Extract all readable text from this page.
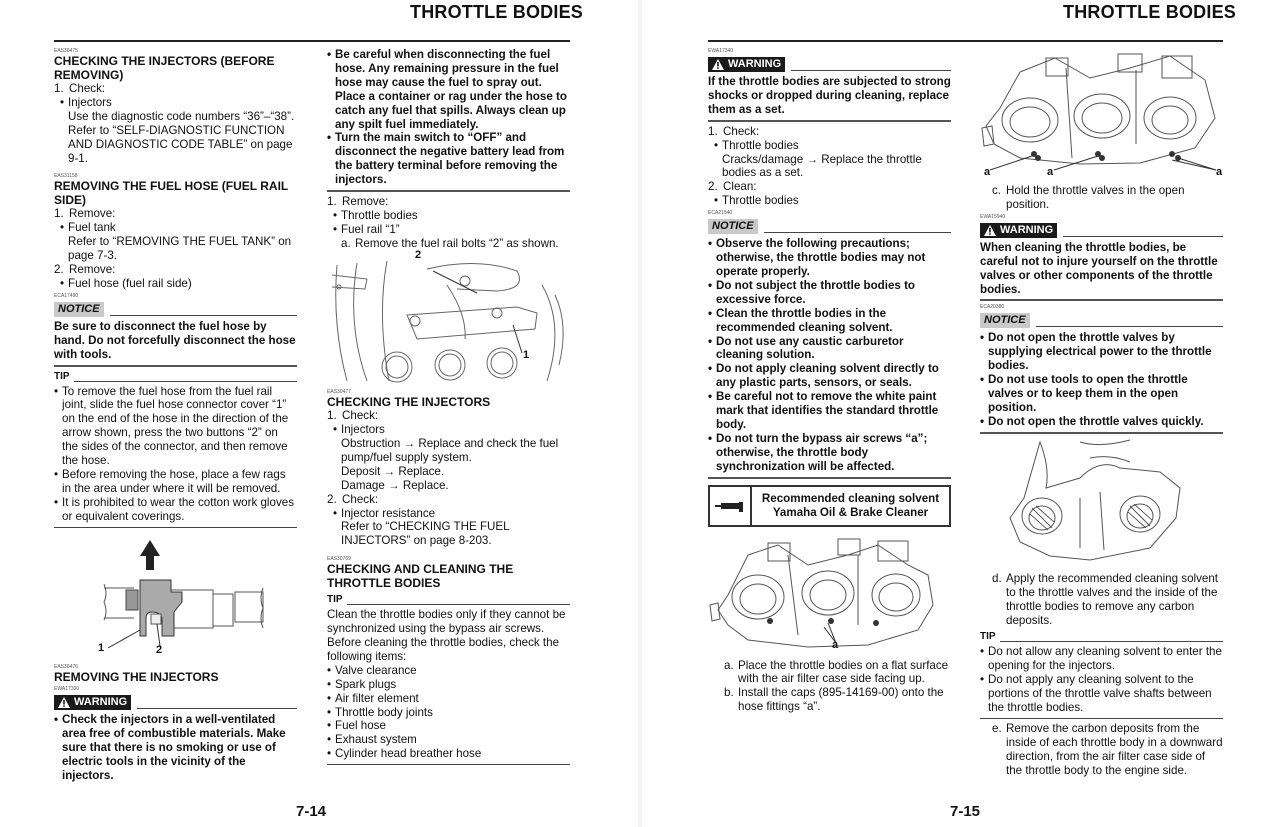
THROTTLE BODIES
EAS30475
CHECKING THE INJECTORS (BEFORE REMOVING)
1. Check:
• Injectors
Use the diagnostic code numbers “36”–“38”. Refer to “SELF-DIAGNOSTIC FUNCTION AND DIAGNOSTIC CODE TABLE” on page 9-1.
EAS31158
REMOVING THE FUEL HOSE (FUEL RAIL SIDE)
1. Remove:
• Fuel tank
Refer to “REMOVING THE FUEL TANK” on page 7-3.
2. Remove:
• Fuel hose (fuel rail side)
ECA17490
NOTICE
Be sure to disconnect the fuel hose by hand. Do not forcefully disconnect the hose with tools.
TIP
• To remove the fuel hose from the fuel rail joint, slide the fuel hose connector cover “1” on the end of the hose in the direction of the arrow shown, press the two buttons “2” on the sides of the connector, and then remove the hose.
• Before removing the hose, place a few rags in the area under where it will be removed.
• It is prohibited to wear the cotton work gloves or equivalent coverings.
1	2
EAS30476
REMOVING THE INJECTORS
EWA17330
WARNING
• Check the injectors in a well-ventilated area free of combustible materials. Make sure that there is no smoking or use of electric tools in the vicinity of the injectors.
• Be careful when disconnecting the fuel hose. Any remaining pressure in the fuel hose may cause the fuel to spray out. Place a container or rag under the hose to catch any fuel that spills. Always clean up any spilt fuel immediately.
• Turn the main switch to “OFF” and disconnect the negative battery lead from the battery terminal before removing the injectors.
1. Remove:
• Throttle bodies
• Fuel rail “1”
a. Remove the fuel rail bolts “2” as shown.
2
1
EAS30477
CHECKING THE INJECTORS
1. Check:
• Injectors
Obstruction → Replace and check the fuel pump/fuel supply system.
Deposit → Replace.
Damage → Replace.
2. Check:
• Injector resistance
Refer to “CHECKING THE FUEL INJECTORS” on page 8-203.
EAS30769
CHECKING AND CLEANING THE THROTTLE BODIES
TIP
Clean the throttle bodies only if they cannot be synchronized using the bypass air screws. Before cleaning the throttle bodies, check the following items:
• Valve clearance
• Spark plugs
• Air filter element
• Throttle body joints
• Fuel hose
• Exhaust system
• Cylinder head breather hose
7-14
THROTTLE BODIES
EWA17340
WARNING
If the throttle bodies are subjected to strong shocks or dropped during cleaning, replace them as a set.
1. Check:
• Throttle bodies
Cracks/damage → Replace the throttle bodies as a set.
2. Clean:
• Throttle bodies
ECA21540
NOTICE
• Observe the following precautions; otherwise, the throttle bodies may not operate properly.
• Do not subject the throttle bodies to excessive force.
• Clean the throttle bodies in the recommended cleaning solvent.
• Do not use any caustic carburetor cleaning solution.
• Do not apply cleaning solvent directly to any plastic parts, sensors, or seals.
• Be careful not to remove the white paint mark that identifies the standard throttle body.
• Do not turn the bypass air screws “a”; otherwise, the throttle body synchronization will be affected.
Recommended cleaning solvent
Yamaha Oil & Brake Cleaner
a
a. Place the throttle bodies on a flat surface with the air filter case side facing up.
b. Install the caps (895-14169-00) onto the hose fittings “a”.
a	a	a
c. Hold the throttle valves in the open position.
EWA15940
WARNING
When cleaning the throttle bodies, be careful not to injure yourself on the throttle valves or other components of the throttle bodies.
ECA20380
NOTICE
• Do not open the throttle valves by supplying electrical power to the throttle bodies.
• Do not use tools to open the throttle valves or to keep them in the open position.
• Do not open the throttle valves quickly.
d. Apply the recommended cleaning solvent to the throttle valves and the inside of the throttle bodies to remove any carbon deposits.
TIP
• Do not allow any cleaning solvent to enter the opening for the injectors.
• Do not apply any cleaning solvent to the portions of the throttle valve shafts between the throttle bodies.
e. Remove the carbon deposits from the inside of each throttle body in a downward direction, from the air filter case side of the throttle body to the engine side.
7-15
